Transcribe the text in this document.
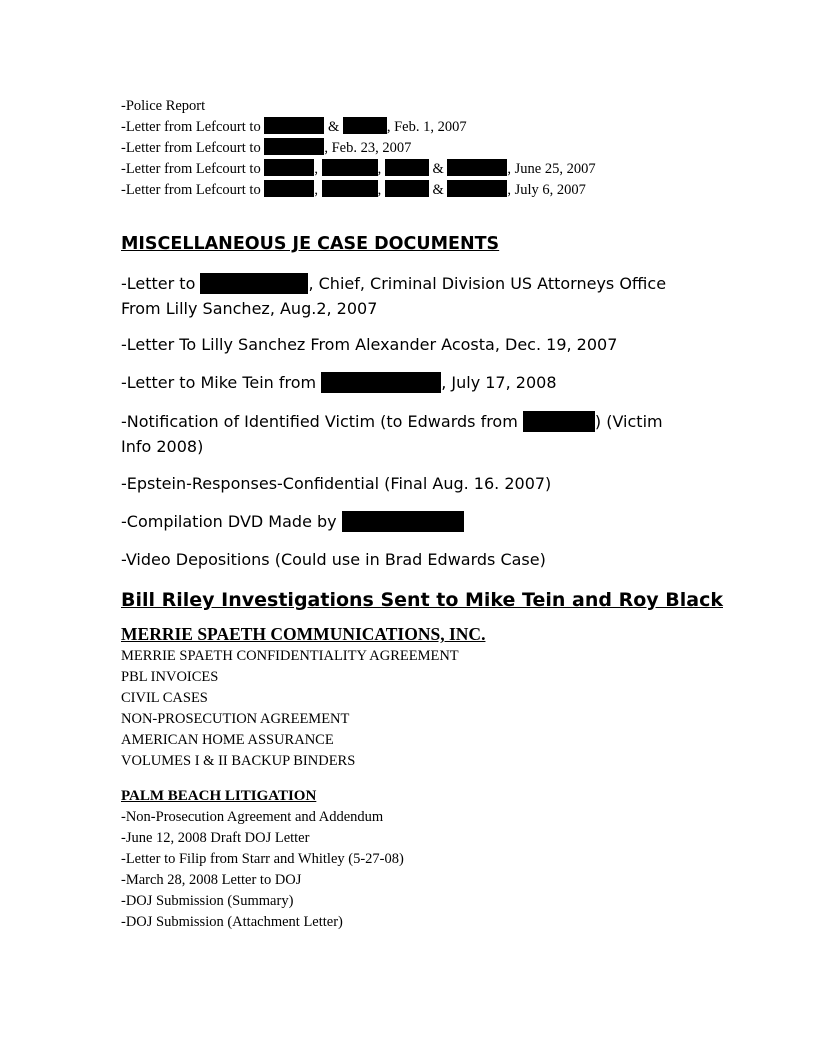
-Police Report
-Letter from Lefcourt to	&	, Feb. 1, 2007
-Letter from Lefcourt to	, Feb. 23, 2007
-Letter from Lefcourt to	,	,	&	, June 25, 2007
-Letter from Lefcourt to	,	,	&	, July 6, 2007
MISCELLANEOUS JE CASE DOCUMENTS

-Letter to	, Chief, Criminal Division US Attorneys Office From Lilly Sanchez, Aug.2, 2007

-Letter To Lilly Sanchez From Alexander Acosta, Dec. 19, 2007

-Letter to Mike Tein from	, July 17, 2008

-Notification of Identified Victim (to Edwards from	) (Victim Info 2008)

-Epstein-Responses-Confidential (Final Aug. 16. 2007)

-Compilation DVD Made by

-Video Depositions (Could use in Brad Edwards Case)

Bill Riley Investigations Sent to Mike Tein and Roy Black
MERRIE SPAETH COMMUNICATIONS, INC.
MERRIE SPAETH CONFIDENTIALITY AGREEMENT
PBL INVOICES
CIVIL CASES
NON-PROSECUTION AGREEMENT
AMERICAN HOME ASSURANCE
VOLUMES I & II BACKUP BINDERS
PALM BEACH LITIGATION
-Non-Prosecution Agreement and Addendum
-June 12, 2008 Draft DOJ Letter
-Letter to Filip from Starr and Whitley (5-27-08)
-March 28, 2008 Letter to DOJ
-DOJ Submission (Summary)
-DOJ Submission (Attachment Letter)
